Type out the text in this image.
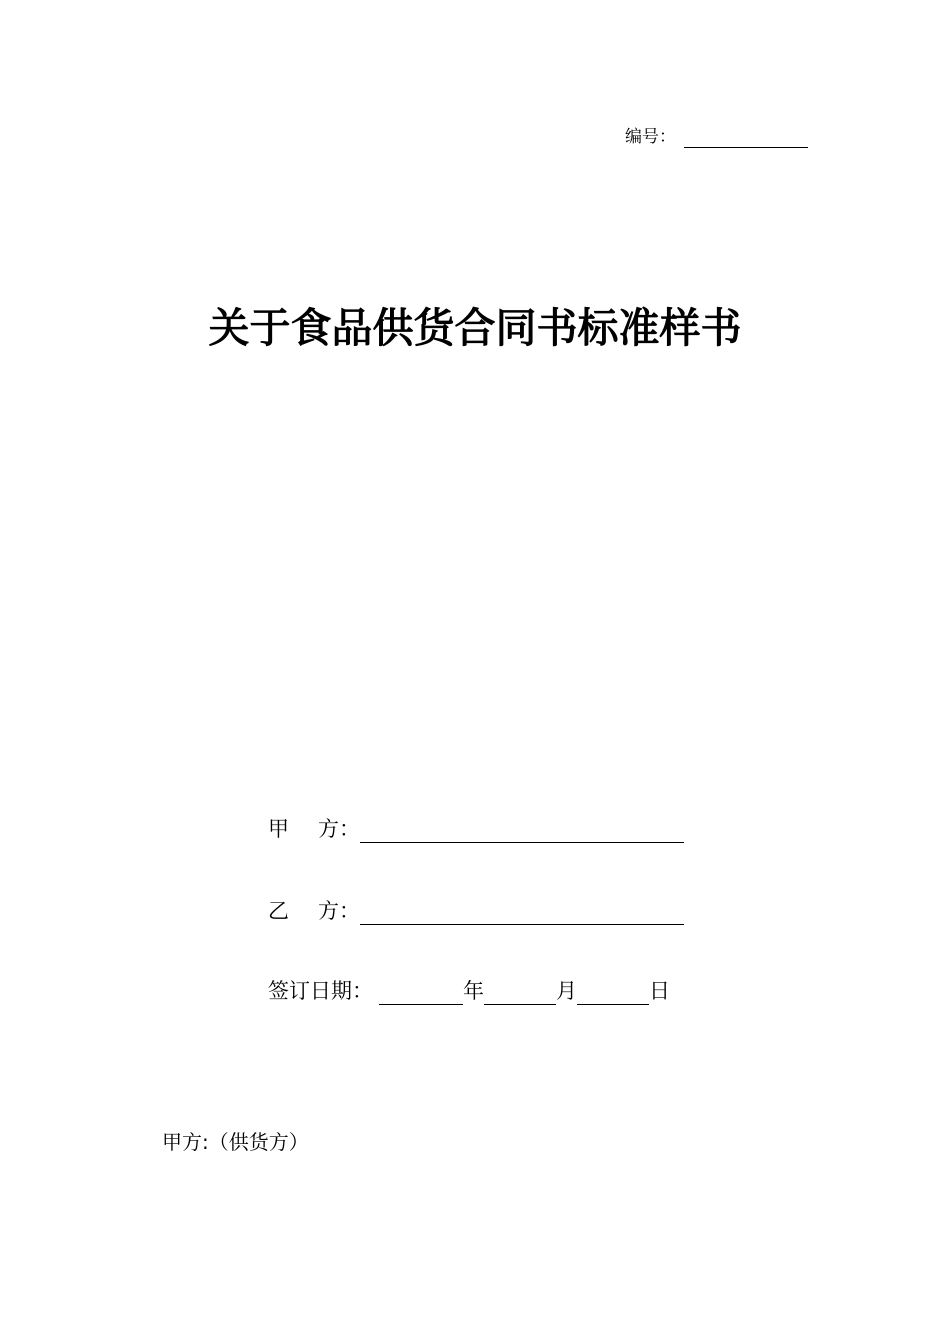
编号：
关于食品供货合同书标准样书
甲 方：
乙 方：
签订日期：	年	月	日
甲方:（供货方）
